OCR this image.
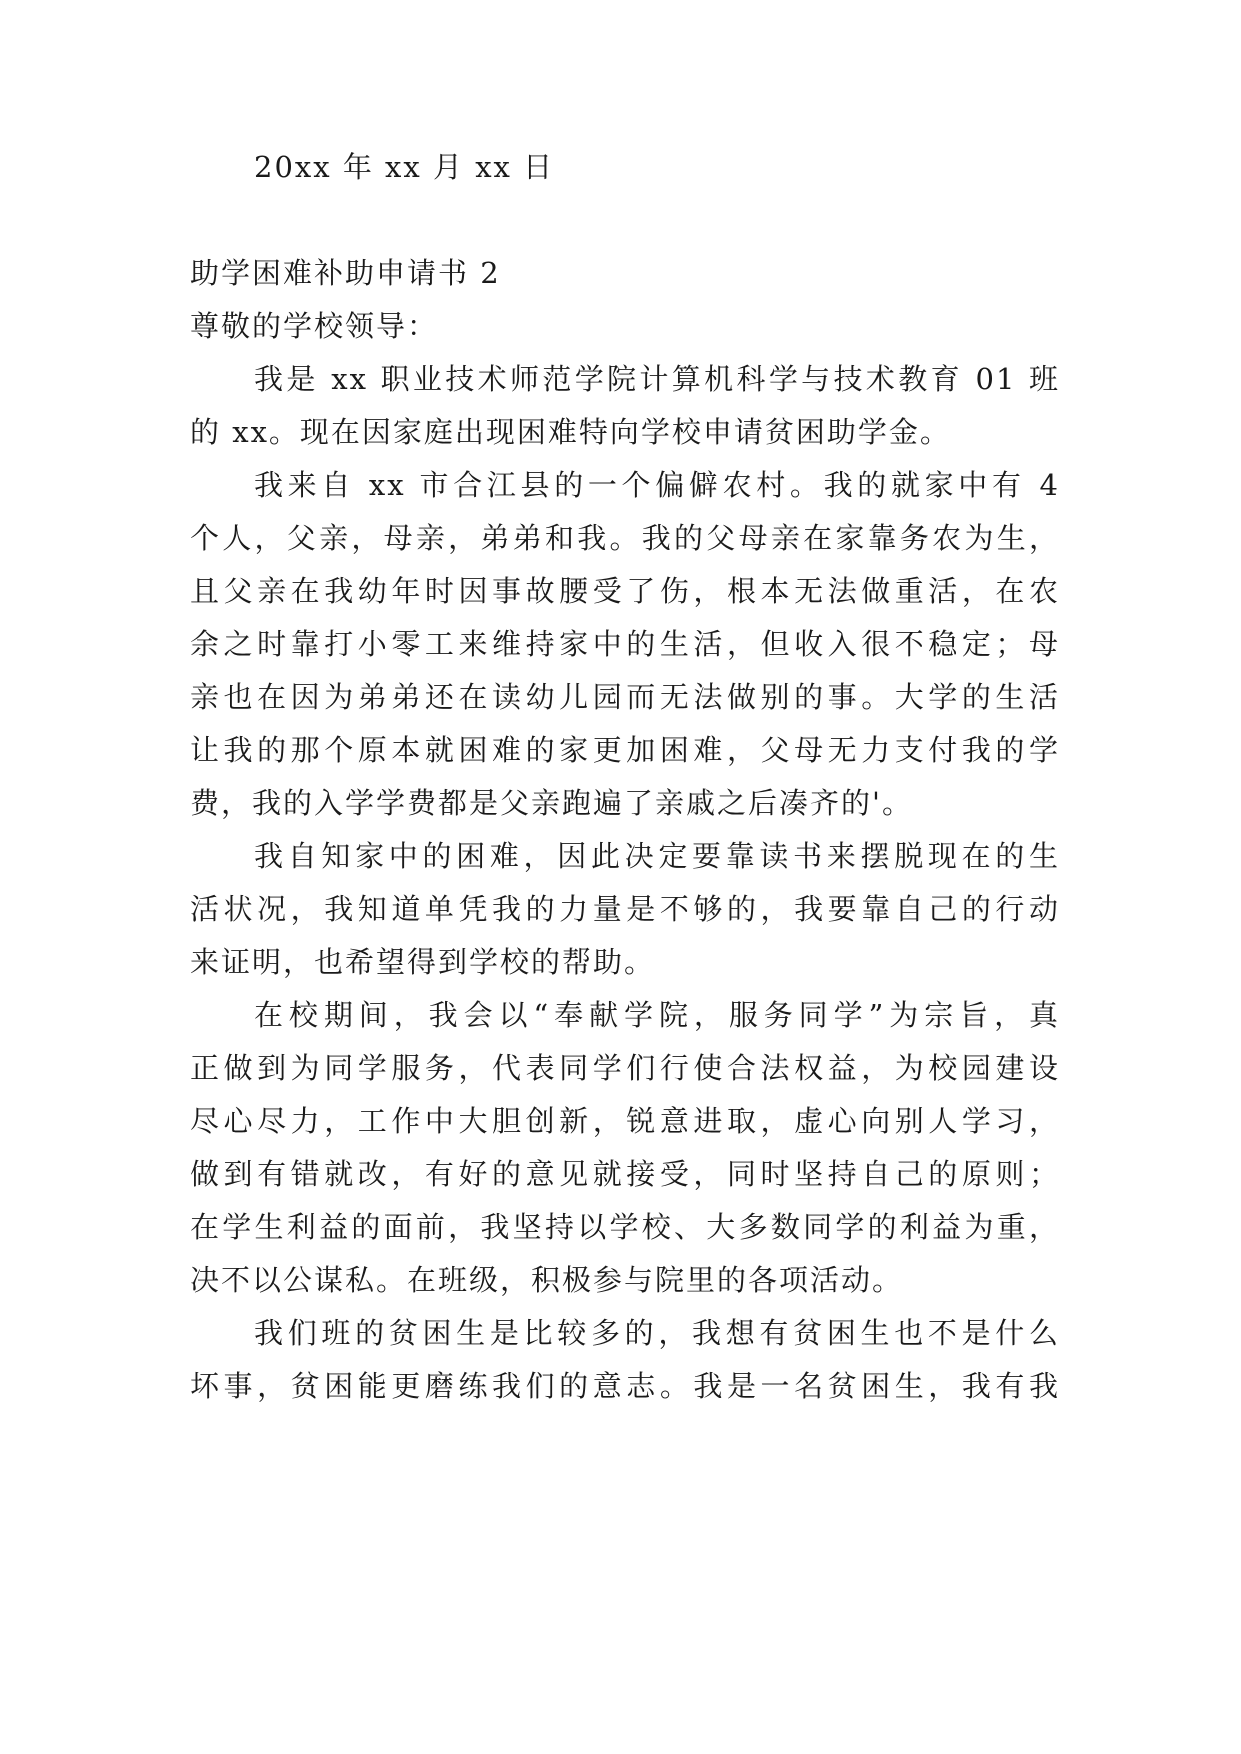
20xx 年 xx 月 xx 日
助学困难补助申请书 2
尊敬的学校领导：
我是 xx 职业技术师范学院计算机科学与技术教育 01 班
的 xx。现在因家庭出现困难特向学校申请贫困助学金。
我来自 xx 市合江县的一个偏僻农村。我的就家中有 4
个人，父亲，母亲，弟弟和我。我的父母亲在家靠务农为生，
且父亲在我幼年时因事故腰受了伤，根本无法做重活，在农
余之时靠打小零工来维持家中的生活，但收入很不稳定；母
亲也在因为弟弟还在读幼儿园而无法做别的事。大学的生活
让我的那个原本就困难的家更加困难，父母无力支付我的学
费，我的入学学费都是父亲跑遍了亲戚之后凑齐的'。
我自知家中的困难，因此决定要靠读书来摆脱现在的生
活状况，我知道单凭我的力量是不够的，我要靠自己的行动
来证明，也希望得到学校的帮助。
在校期间，我会以“奉献学院，服务同学”为宗旨，真
正做到为同学服务，代表同学们行使合法权益，为校园建设
尽心尽力，工作中大胆创新，锐意进取，虚心向别人学习，
做到有错就改，有好的意见就接受，同时坚持自己的原则；
在学生利益的面前，我坚持以学校、大多数同学的利益为重，
决不以公谋私。在班级，积极参与院里的各项活动。
我们班的贫困生是比较多的，我想有贫困生也不是什么
坏事，贫困能更磨练我们的意志。我是一名贫困生，我有我
